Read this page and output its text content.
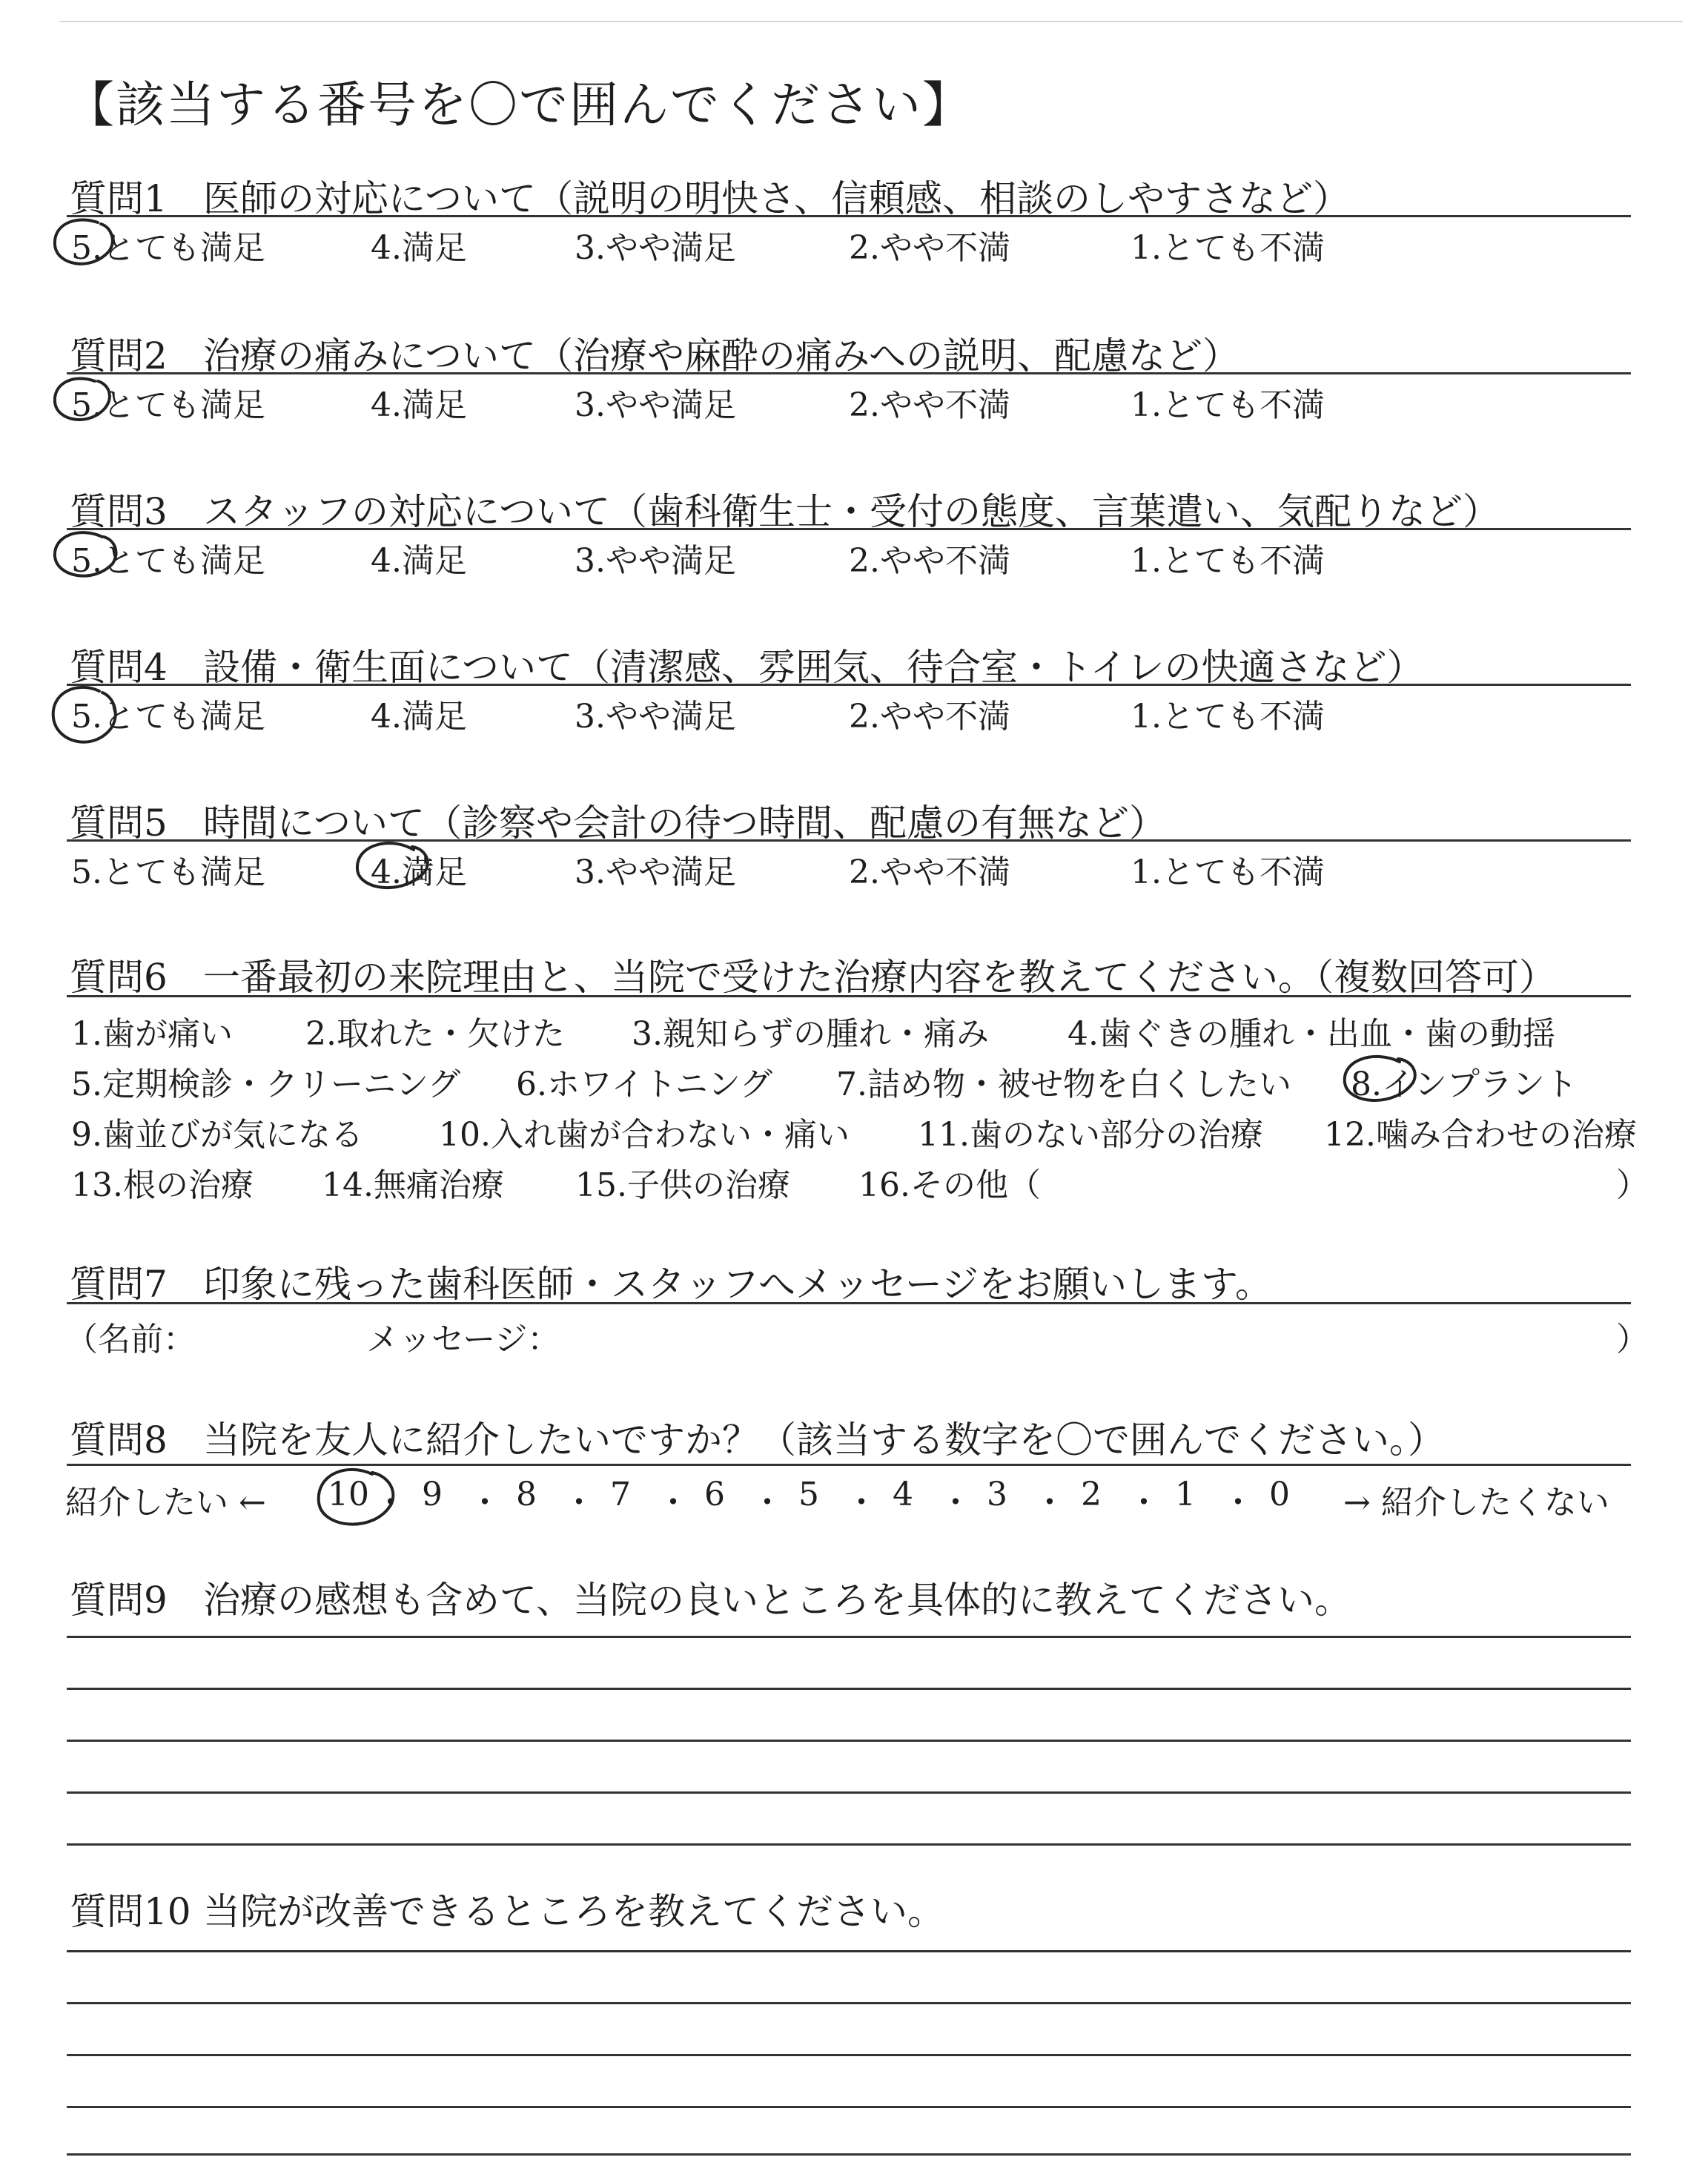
【該当する番号を〇で囲んでください】
質問1 医師の対応について（説明の明快さ、信頼感、相談のしやすさなど）
5.とても満足	4.満足	3.やや満足	2.やや不満	1.とても不満
質問2 治療の痛みについて（治療や麻酔の痛みへの説明、配慮など）
5.とても満足	4.満足	3.やや満足	2.やや不満	1.とても不満
質問3 スタッフの対応について（歯科衛生士・受付の態度、言葉遣い、気配りなど）
5.とても満足	4.満足	3.やや満足	2.やや不満	1.とても不満
質問4 設備・衛生面について（清潔感、雰囲気、待合室・トイレの快適さなど）
5.とても満足	4.満足	3.やや満足	2.やや不満	1.とても不満
質問5 時間について（診察や会計の待つ時間、配慮の有無など）
5.とても満足	4.満足	3.やや満足	2.やや不満	1.とても不満
質問6 一番最初の来院理由と、当院で受けた治療内容を教えてください。（複数回答可）
1.歯が痛い 2.取れた・欠けた 3.親知らずの腫れ・痛み 4.歯ぐきの腫れ・出血・歯の動揺
5.定期検診・クリーニング 6.ホワイトニング 7.詰め物・被せ物を白くしたい 8.インプラント
9.歯並びが気になる 10.入れ歯が合わない・痛い 11.歯のない部分の治療 12.噛み合わせの治療
13.根の治療 14.無痛治療 15.子供の治療 16.その他（	）
質問7 印象に残った歯科医師・スタッフへメッセージをお願いします。
（名前：	メッセージ：	）
質問8 当院を友人に紹介したいですか？（該当する数字を〇で囲んでください。）
紹介したい ← 10 ・ 9 ・ 8 ・ 7 ・ 6 ・ 5 ・ 4 ・ 3 ・ 2 ・ 1 ・ 0 → 紹介したくない
質問9 治療の感想も含めて、当院の良いところを具体的に教えてください。
質問10 当院が改善できるところを教えてください。
